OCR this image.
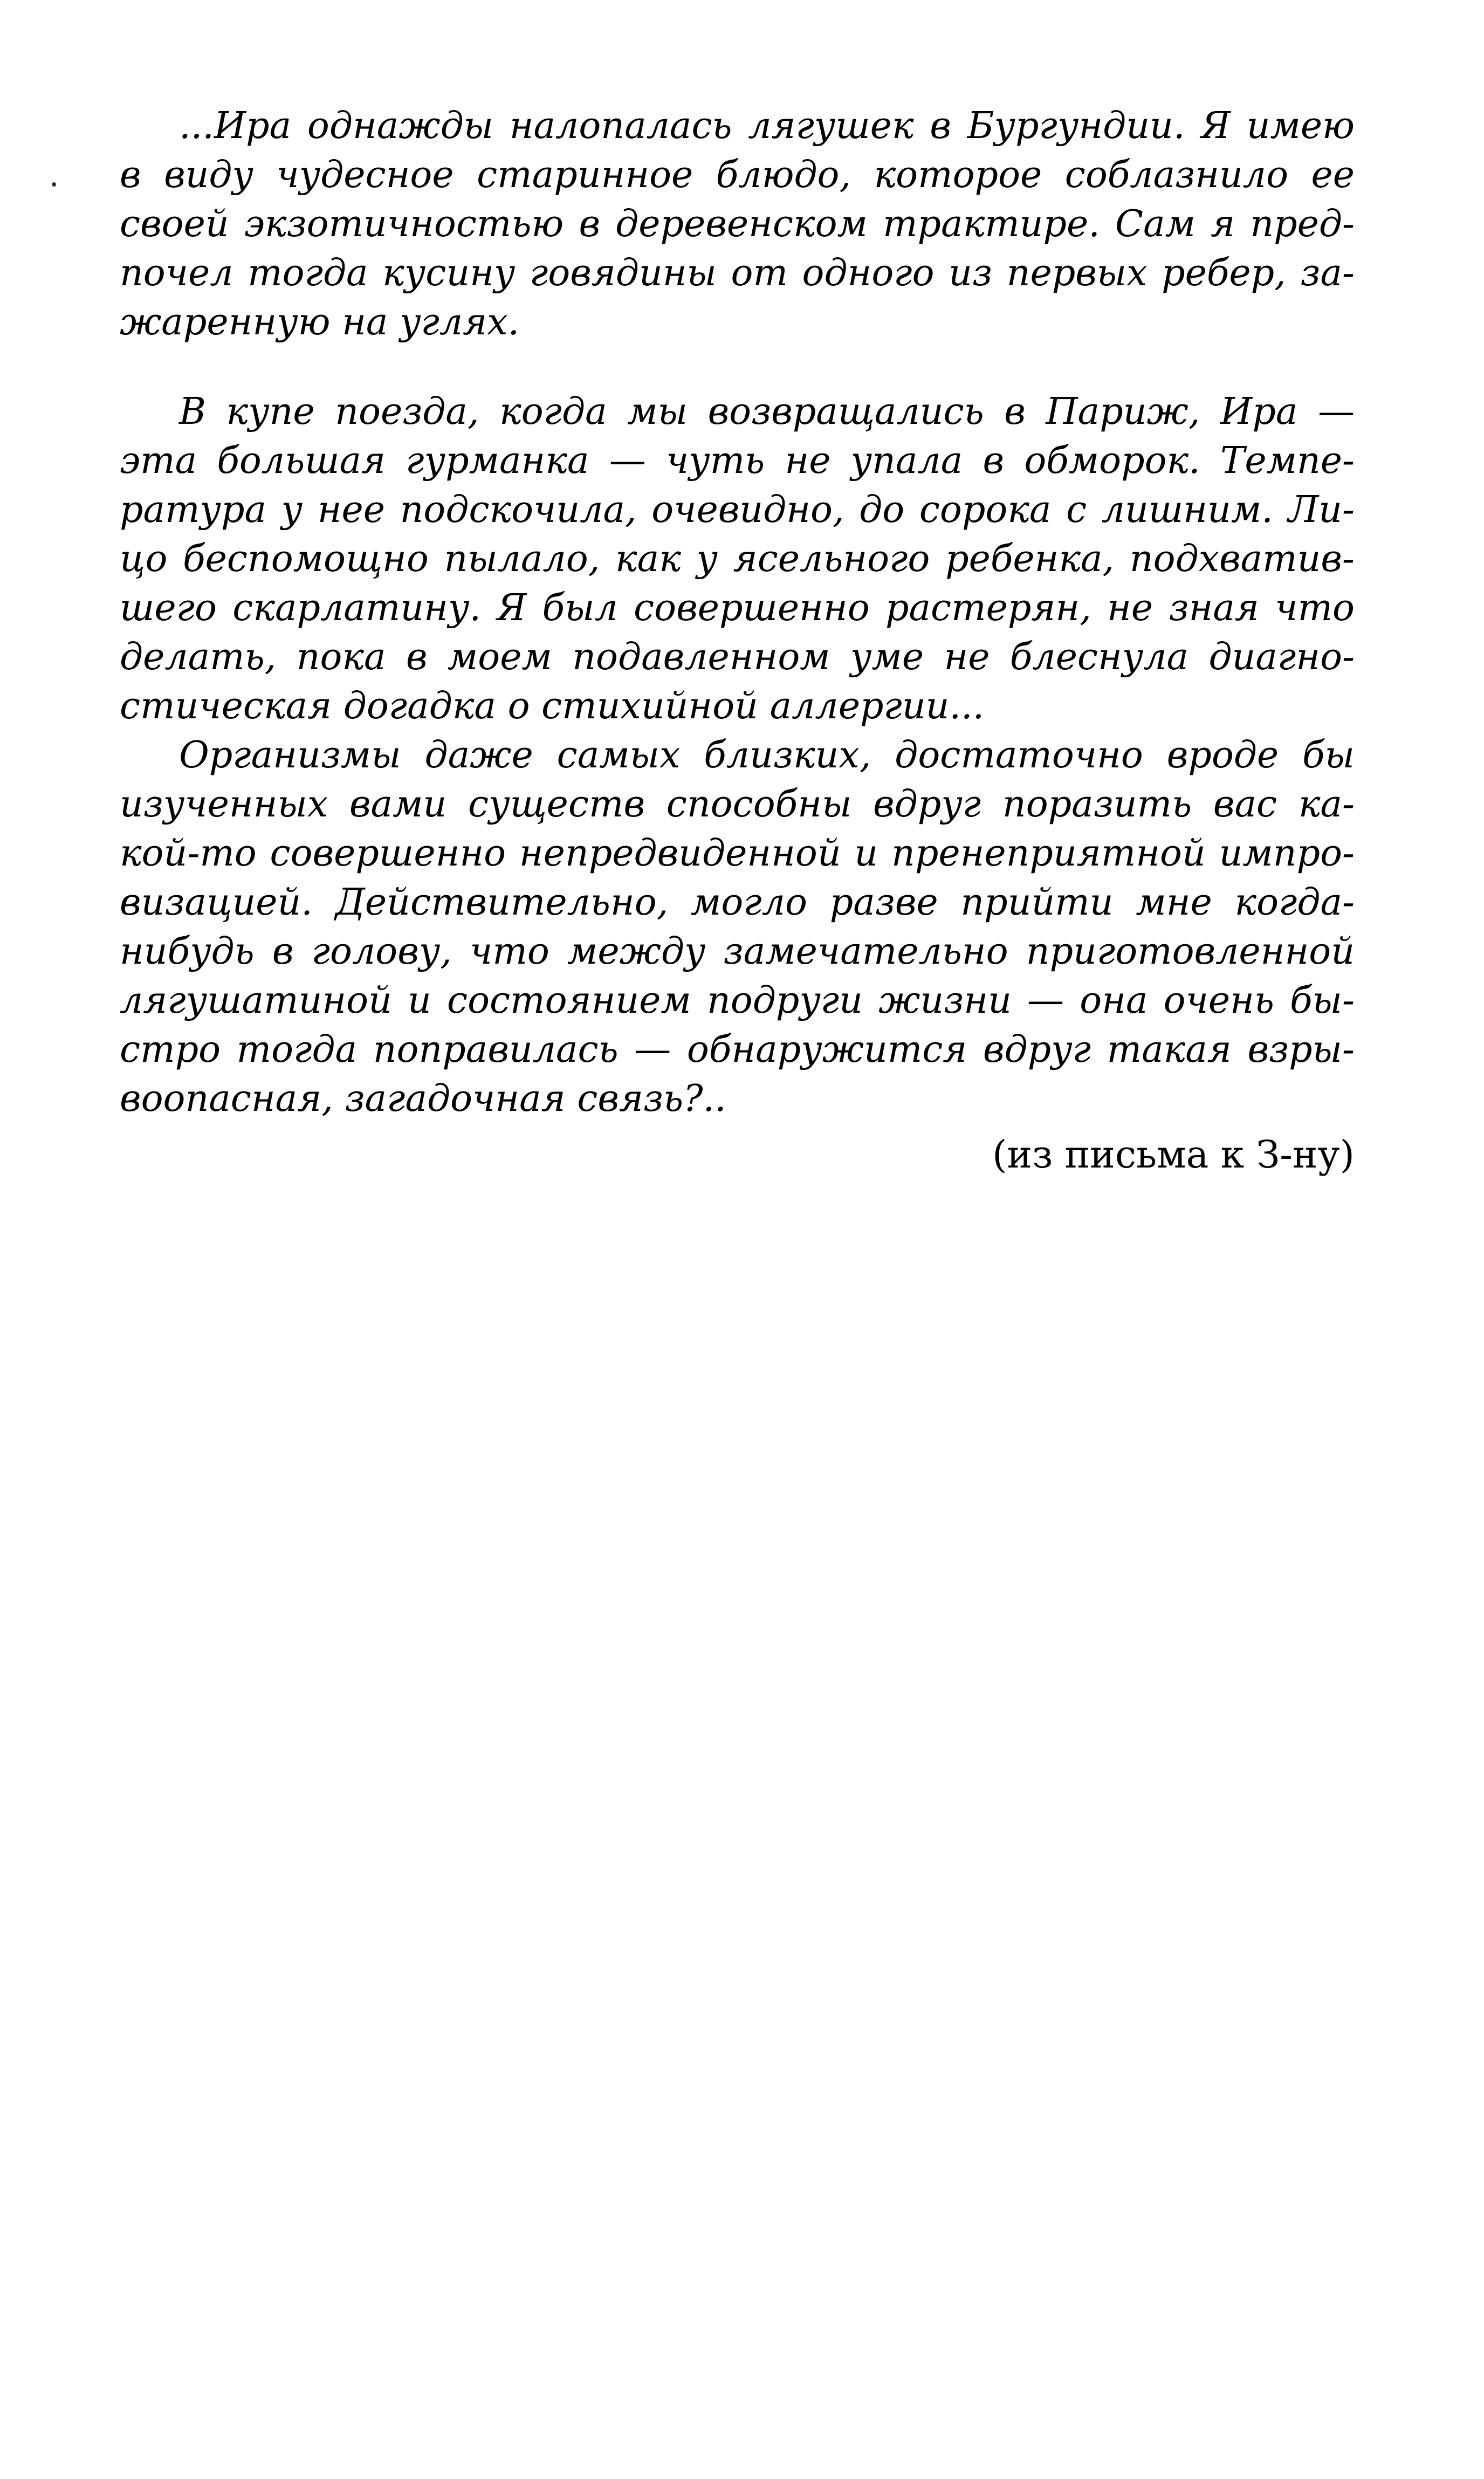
...Ира однажды налопалась лягушек в Бургундии. Я имею
в виду чудесное старинное блюдо, которое соблазнило ее
своей экзотичностью в деревенском трактире. Сам я пред-
почел тогда кусину говядины от одного из первых ребер, за-
жаренную на углях.

В купе поезда, когда мы возвращались в Париж, Ира —
эта большая гурманка — чуть не упала в обморок. Темпе-
ратура у нее подскочила, очевидно, до сорока с лишним. Ли-
цо беспомощно пылало, как у ясельного ребенка, подхватив-
шего скарлатину. Я был совершенно растерян, не зная что
делать, пока в моем подавленном уме не блеснула диагно-
стическая догадка о стихийной аллергии...

Организмы даже самых близких, достаточно вроде бы
изученных вами существ способны вдруг поразить вас ка-
кой-то совершенно непредвиденной и пренеприятной импро-
визацией. Действительно, могло разве прийти мне когда-
нибудь в голову, что между замечательно приготовленной
лягушатиной и состоянием подруги жизни — она очень бы-
стро тогда поправилась — обнаружится вдруг такая взры-
воопасная, загадочная связь?..

(из письма к З-ну)
